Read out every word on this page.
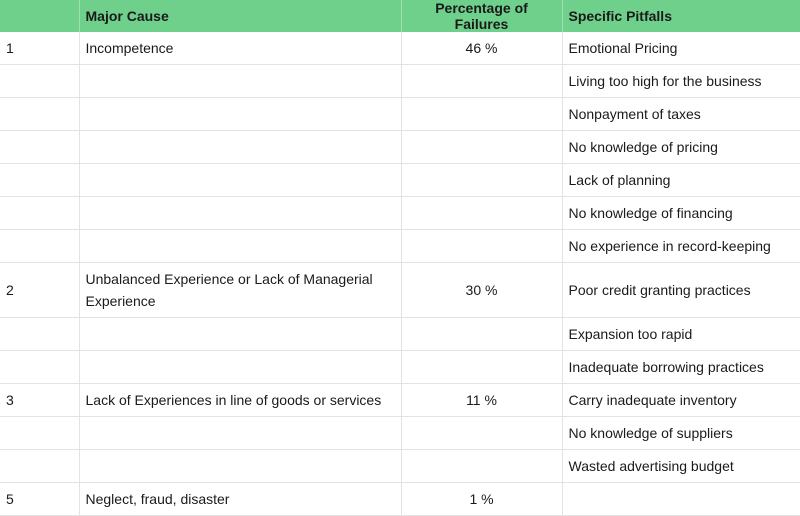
	Major Cause	Percentage of Failures	Specific Pitfalls
1	Incompetence	46 %	Emotional Pricing
			Living too high for the business
			Nonpayment of taxes
			No knowledge of pricing
			Lack of planning
			No knowledge of financing
			No experience in record-keeping
2	Unbalanced Experience or Lack of Managerial Experience	30 %	Poor credit granting practices
			Expansion too rapid
			Inadequate borrowing practices
3	Lack of Experiences in line of goods or services	11 %	Carry inadequate inventory
			No knowledge of suppliers
			Wasted advertising budget
5	Neglect, fraud, disaster	1 %	
